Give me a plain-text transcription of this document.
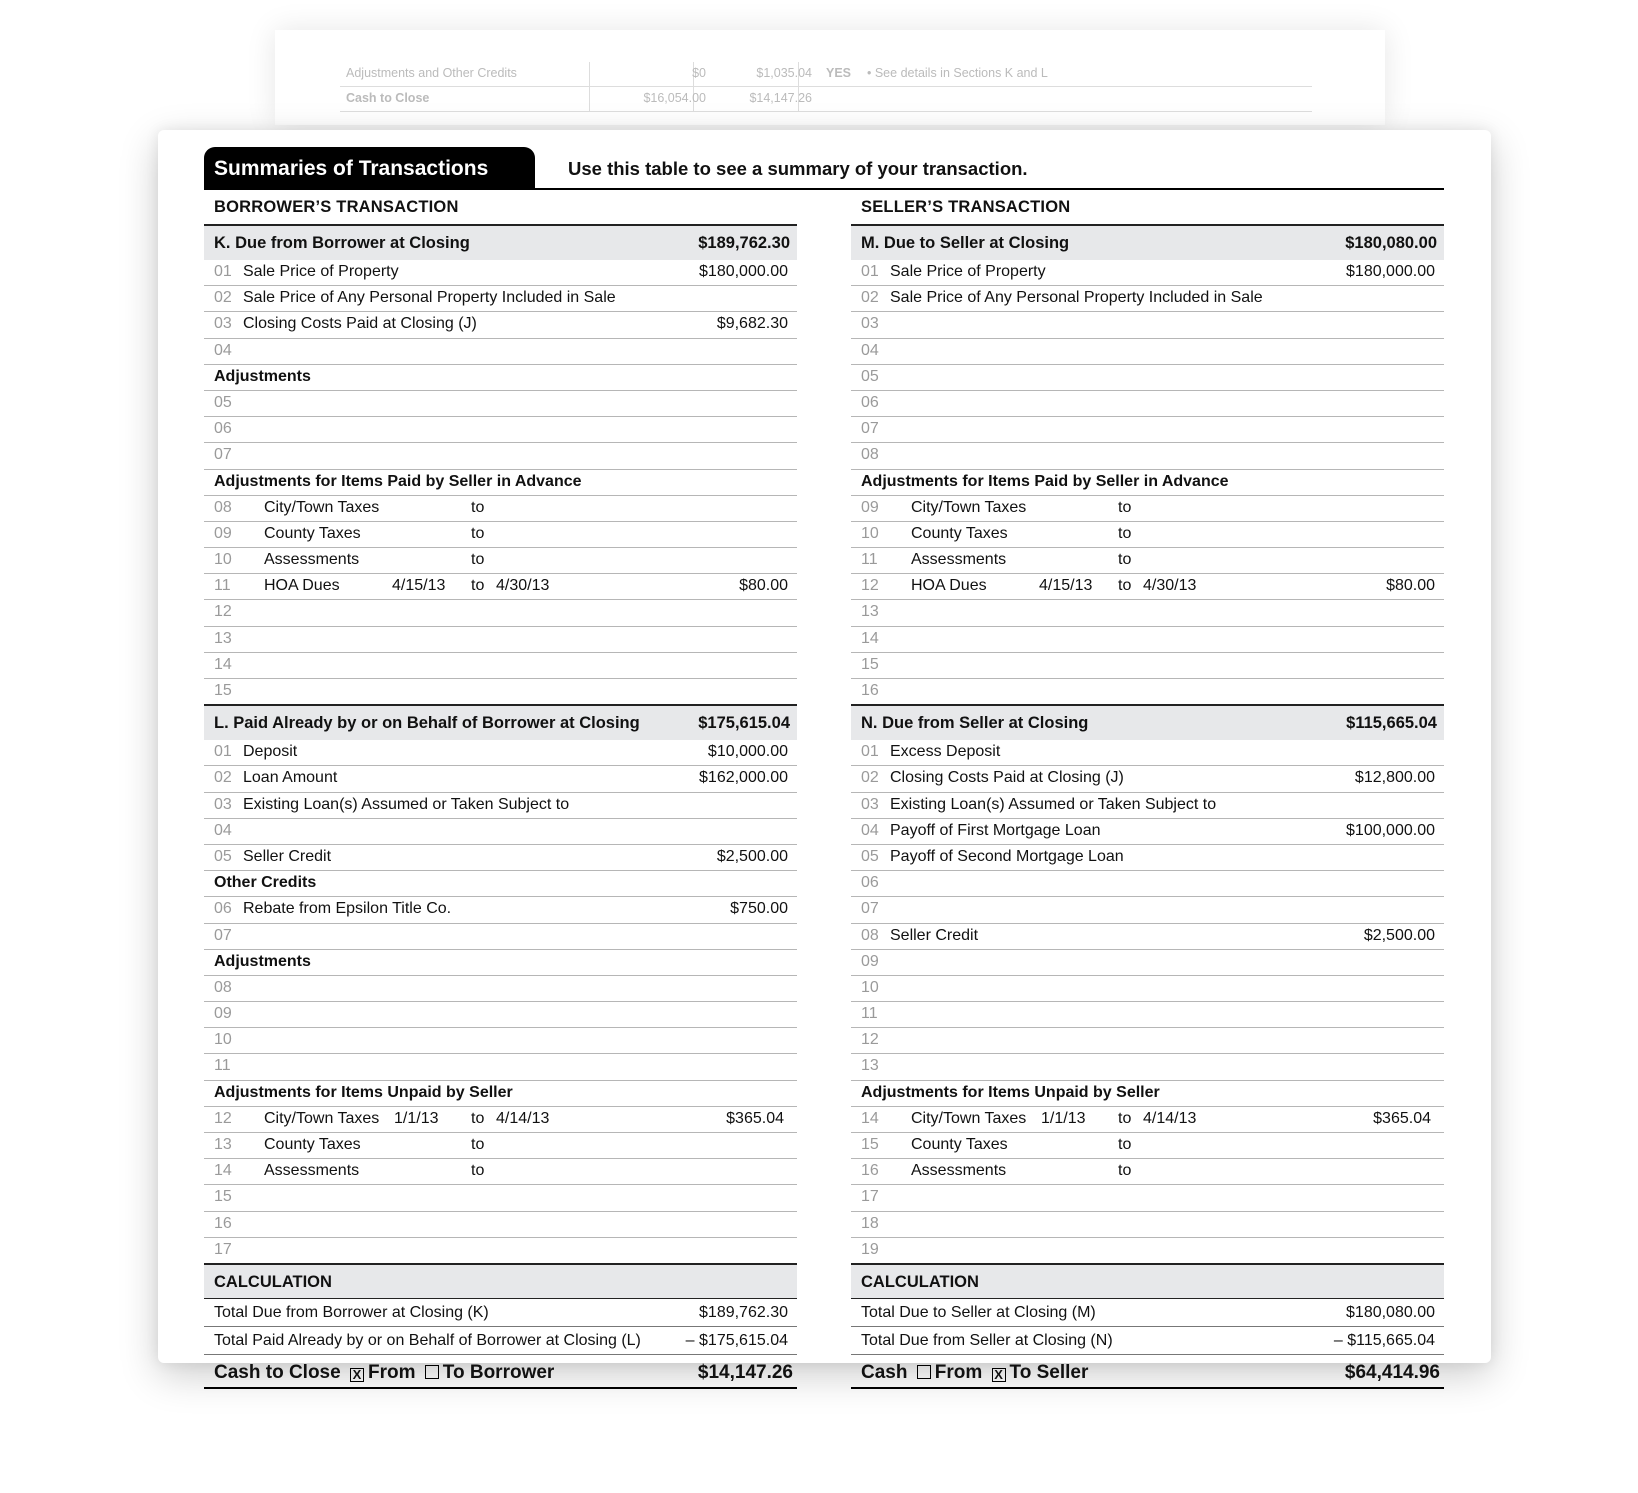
Adjustments and Other Credits	$0	$1,035.04 YES • See details in Sections K and L
Cash to Close	$16,054.00	$14,147.26
Summaries of Transactions	Use this table to see a summary of your transaction.
BORROWER’S TRANSACTION
K. Due from Borrower at Closing	$189,762.30
01 Sale Price of Property	$180,000.00
02 Sale Price of Any Personal Property Included in Sale
03 Closing Costs Paid at Closing (J)	$9,682.30
04
Adjustments
05
06
07
Adjustments for Items Paid by Seller in Advance
08 City/Town Taxes	to
09 County Taxes	to
10 Assessments	to
11 HOA Dues	4/15/13 to 4/30/13	$80.00
12
13
14
15
L. Paid Already by or on Behalf of Borrower at Closing	$175,615.04
01 Deposit	$10,000.00
02 Loan Amount	$162,000.00
03 Existing Loan(s) Assumed or Taken Subject to
04
05 Seller Credit	$2,500.00
Other Credits
06 Rebate from Epsilon Title Co.	$750.00
07
Adjustments
08
09
10
11
Adjustments for Items Unpaid by Seller
12 City/Town Taxes 1/1/13 to 4/14/13	$365.04
13 County Taxes	to
14 Assessments	to
15
16
17
CALCULATION
Total Due from Borrower at Closing (K)	$189,762.30
Total Paid Already by or on Behalf of Borrower at Closing (L)	– $175,615.04
Cash to Close X From To Borrower	$14,147.26
SELLER’S TRANSACTION
M. Due to Seller at Closing	$180,080.00
01 Sale Price of Property	$180,000.00
02 Sale Price of Any Personal Property Included in Sale
03
04
05
06
07
08
Adjustments for Items Paid by Seller in Advance
09 City/Town Taxes	to
10 County Taxes	to
11 Assessments	to
12 HOA Dues	4/15/13 to 4/30/13	$80.00
13
14
15
16
N. Due from Seller at Closing	$115,665.04
01 Excess Deposit
02 Closing Costs Paid at Closing (J)	$12,800.00
03 Existing Loan(s) Assumed or Taken Subject to
04 Payoff of First Mortgage Loan	$100,000.00
05 Payoff of Second Mortgage Loan
06
07
08 Seller Credit	$2,500.00
09
10
11
12
13
Adjustments for Items Unpaid by Seller
14 City/Town Taxes 1/1/13 to 4/14/13	$365.04
15 County Taxes	to
16 Assessments	to
17
18
19
CALCULATION
Total Due to Seller at Closing (M)	$180,080.00
Total Due from Seller at Closing (N)	– $115,665.04
Cash From X To Seller	$64,414.96
